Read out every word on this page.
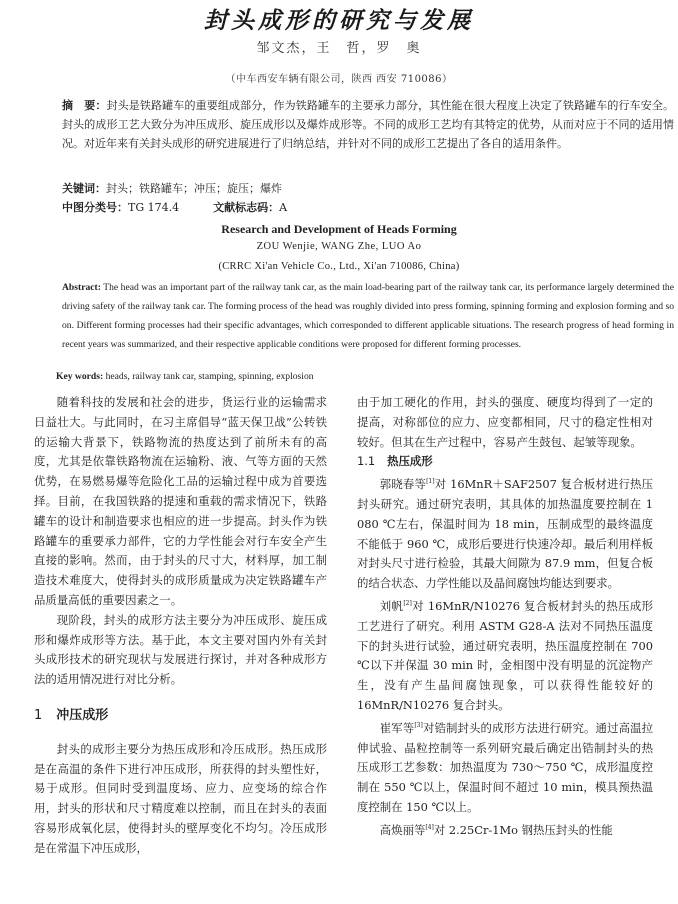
封头成形的研究与发展
邹文杰，王　哲，罗　奥
（中车西安车辆有限公司，陕西 西安 710086）
摘　要：封头是铁路罐车的重要组成部分，作为铁路罐车的主要承力部分，其性能在很大程度上决定了铁路罐车的行车安全。封头的成形工艺大致分为冲压成形、旋压成形以及爆炸成形等。不同的成形工艺均有其特定的优势，从而对应于不同的适用情况。对近年来有关封头成形的研究进展进行了归纳总结，并针对不同的成形工艺提出了各自的适用条件。
关键词：封头；铁路罐车；冲压；旋压；爆炸
中图分类号：TG 174.4	文献标志码：A
Research and Development of Heads Forming
ZOU Wenjie, WANG Zhe, LUO Ao
(CRRC Xi'an Vehicle Co., Ltd., Xi'an 710086, China)
Abstract: The head was an important part of the railway tank car, as the main load-bearing part of the railway tank car, its performance largely determined the driving safety of the railway tank car. The forming process of the head was roughly divided into press forming, spinning forming and explosion forming and so on. Different forming processes had their specific advantages, which corresponded to different applicable situations. The research progress of head forming in recent years was summarized, and their respective applicable conditions were proposed for different forming processes.
Key words: heads, railway tank car, stamping, spinning, explosion

随着科技的发展和社会的进步，货运行业的运输需求日益壮大。与此同时，在习主席倡导“蓝天保卫战”公转铁的运输大背景下，铁路物流的热度达到了前所未有的高度，尤其是依靠铁路物流在运输粉、液、气等方面的天然优势，在易燃易爆等危险化工品的运输过程中成为首要选择。目前，在我国铁路的提速和重载的需求情况下，铁路罐车的设计和制造要求也相应的进一步提高。封头作为铁路罐车的重要承力部件，它的力学性能会对行车安全产生直接的影响。然而，由于封头的尺寸大，材料厚，加工制造技术难度大，使得封头的成形质量成为决定铁路罐车产品质量高低的重要因素之一。

现阶段，封头的成形方法主要分为冲压成形、旋压成形和爆炸成形等方法。基于此，本文主要对国内外有关封头成形技术的研究现状与发展进行探讨，并对各种成形方法的适用情况进行对比分析。

1 冲压成形

封头的成形主要分为热压成形和冷压成形。热压成形是在高温的条件下进行冲压成形，所获得的封头塑性好，易于成形。但同时受到温度场、应力、应变场的综合作用，封头的形状和尺寸精度难以控制，而且在封头的表面容易形成氧化层，使得封头的壁厚变化不均匀。冷压成形是在常温下冲压成形，

由于加工硬化的作用，封头的强度、硬度均得到了一定的提高，对称部位的应力、应变都相同，尺寸的稳定性相对较好。但其在生产过程中，容易产生鼓包、起皱等现象。

1.1 热压成形

郭晓春等[1]对 16MnR＋SAF2507 复合板材进行热压封头研究。通过研究表明，其具体的加热温度要控制在 1 080 ℃左右，保温时间为 18 min，压制成型的最终温度不能低于 960 ℃，成形后要进行快速冷却。最后利用样板对封头尺寸进行检验，其最大间隙为 87.9 mm，但复合板的结合状态、力学性能以及晶间腐蚀均能达到要求。

刘帆[2]对 16MnR/N10276 复合板材封头的热压成形工艺进行了研究。利用 ASTM G28-A 法对不同热压温度下的封头进行试验，通过研究表明，热压温度控制在 700 ℃以下并保温 30 min 时，金相图中没有明显的沉淀物产生，没有产生晶间腐蚀现象，可以获得性能较好的 16MnR/N10276 复合封头。

崔军等[3]对锆制封头的成形方法进行研究。通过高温拉伸试验、晶粒控制等一系列研究最后确定出锆制封头的热压成形工艺参数：加热温度为 730～750 ℃，成形温度控制在 550 ℃以上，保温时间不超过 10 min，模具预热温度控制在 150 ℃以上。

高焕丽等[4]对 2.25Cr-1Mo 钢热压封头的性能
